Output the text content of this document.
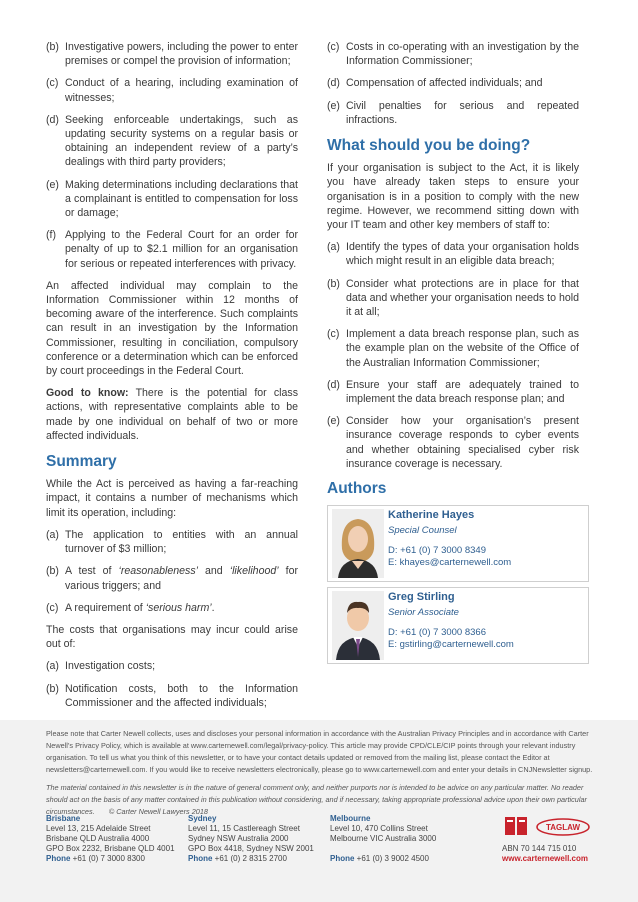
(b) Investigative powers, including the power to enter premises or compel the provision of information;
(c) Conduct of a hearing, including examination of witnesses;
(d) Seeking enforceable undertakings, such as updating security systems on a regular basis or obtaining an independent review of a party’s dealings with third party providers;
(e) Making determinations including declarations that a complainant is entitled to compensation for loss or damage;
(f) Applying to the Federal Court for an order for penalty of up to $2.1 million for an organisation for serious or repeated interferences with privacy.

An affected individual may complain to the Information Commissioner within 12 months of becoming aware of the interference. Such complaints can result in an investigation by the Information Commissioner, resulting in conciliation, compulsory conference or a determination which can be enforced by court proceedings in the Federal Court.

Good to know: There is the potential for class actions, with representative complaints able to be made by one individual on behalf of two or more affected individuals.

Summary

While the Act is perceived as having a far-reaching impact, it contains a number of mechanisms which limit its operation, including:

(a) The application to entities with an annual turnover of $3 million;
(b) A test of ‘reasonableness’ and ‘likelihood’ for various triggers; and
(c) A requirement of ‘serious harm’.

The costs that organisations may incur could arise out of:

(a) Investigation costs;
(b) Notification costs, both to the Information Commissioner and the affected individuals;
(c) Costs in co-operating with an investigation by the Information Commissioner;
(d) Compensation of affected individuals; and
(e) Civil penalties for serious and repeated infractions.
What should you be doing?

If your organisation is subject to the Act, it is likely you have already taken steps to ensure your organisation is in a position to comply with the new regime. However, we recommend sitting down with your IT team and other key members of staff to:

(a) Identify the types of data your organisation holds which might result in an eligible data breach;
(b) Consider what protections are in place for that data and whether your organisation needs to hold it at all;
(c) Implement a data breach response plan, such as the example plan on the website of the Office of the Australian Information Commissioner;
(d) Ensure your staff are adequately trained to implement the data breach response plan; and
(e) Consider how your organisation’s present insurance coverage responds to cyber events and whether obtaining specialised cyber risk insurance coverage is necessary.
Authors
Katherine Hayes
Special Counsel
D: +61 (0) 7 3000 8349
E: khayes@carternewell.com
Greg Stirling
Senior Associate
D: +61 (0) 7 3000 8366
E: gstirling@carternewell.com
Please note that Carter Newell collects, uses and discloses your personal information in accordance with the Australian Privacy Principles and in accordance with Carter Newell’s Privacy Policy, which is available at www.carternewell.com/legal/privacy-policy. This article may provide CPD/CLE/CIP points through your relevant industry organisation. To tell us what you think of this newsletter, or to have your contact details updated or removed from the mailing list, please contact the Editor at newsletters@carternewell.com. If you would like to receive newsletters electronically, please go to www.carternewell.com and enter your details in CNJNewsletter signup.
The material contained in this newsletter is in the nature of general comment only, and neither purports nor is intended to be advice on any particular matter. No reader should act on the basis of any matter contained in this publication without considering, and if necessary, taking appropriate professional advice upon their own particular circumstances. © Carter Newell Lawyers 2018
Brisbane
Level 13, 215 Adelaide Street
Brisbane QLD Australia 4000
GPO Box 2232, Brisbane QLD 4001
Phone +61 (0) 7 3000 8300
Sydney
Level 11, 15 Castlereagh Street
Sydney NSW Australia 2000
GPO Box 4418, Sydney NSW 2001
Phone +61 (0) 2 8315 2700
Melbourne
Level 10, 470 Collins Street
Melbourne VIC Australia 3000
Phone +61 (0) 3 9002 4500
TAGLAW
ABN 70 144 715 010
www.carternewell.com
